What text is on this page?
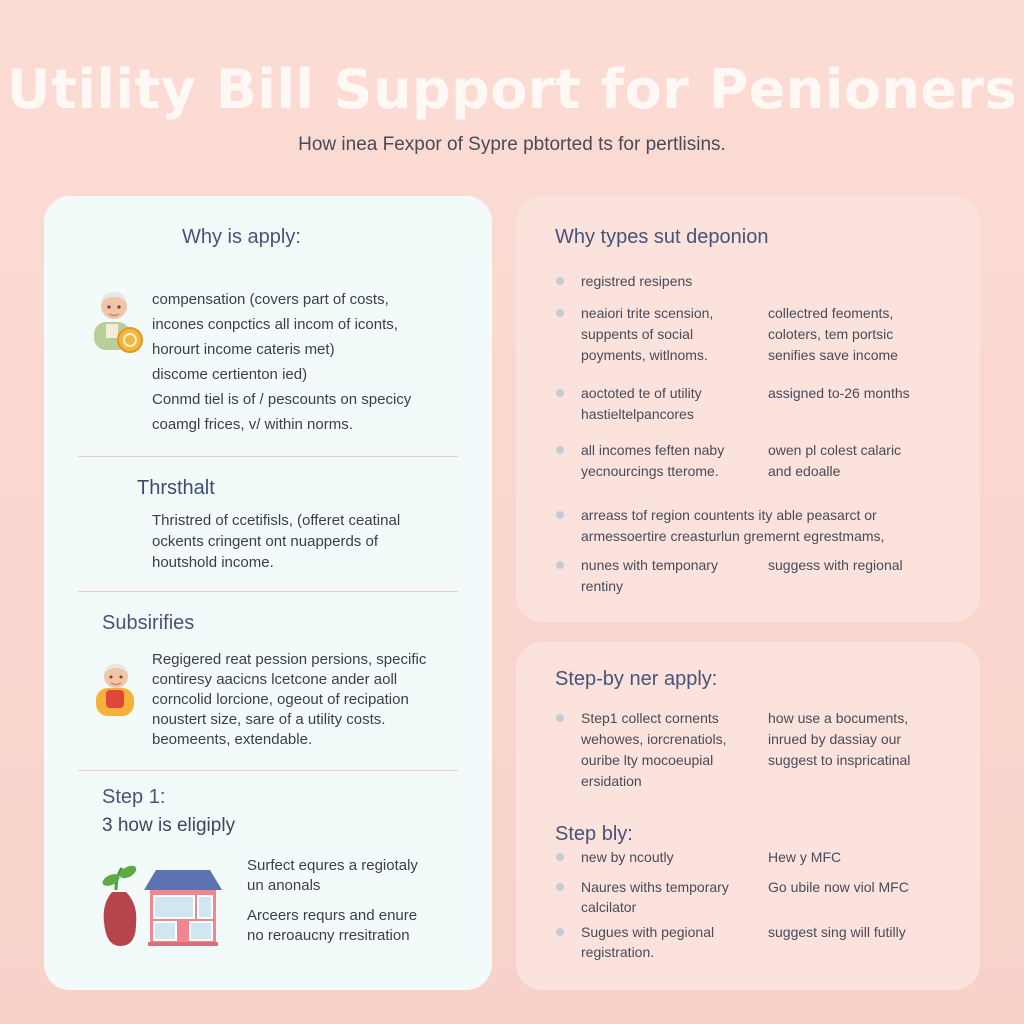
Utility Bill Support for Penioners
How inea Fexpor of Sypre pbtorted ts for pertlisins.
Why is apply:
compensation (covers part of costs,
incones conpctics all incom of iconts,
horourt income cateris met)
discome certienton ied)
Conmd tiel is of / pescounts on specicy
coamgl frices, v/ within norms.
Thrsthalt
Thristred of ccetifisls, (offeret ceatinal
ockents cringent ont nuapperds of
houtshold income.
Subsirifies
Regigered reat pession persions, specific
contiresy aacicns lcetcone ander aoll
corncolid lorcione, ogeout of recipation
noustert size, sare of a utility costs.
beomeents, extendable.
Step 1:
3 how is eligiply
Surfect equres a regiotaly
un anonals
Arceers requrs and enure
no reroaucny rresitration
Why types sut deponion
registred resipens
neaiori trite scension,
suppents of social
poyments, witlnoms.
collectred feoments,
coloters, tem portsic
senifies save income
aoctoted te of utility
hastieltelpancores
assigned to-26 months
all incomes feften naby
yecnourcings tterome.
owen pl colest calaric
and edoalle
arreass tof region countents ity able peasarct or
armessoertire creasturlun gremernt egrestmams,
nunes with temponary
rentiny
suggess with regional
Step-by ner apply:
Step1 collect cornents
wehowes, iorcrenatiols,
ouribe lty mocoeupial
ersidation
how use a bocuments,
inrued by dassiay our
suggest to inspricatinal
Step bly:
new by ncoutly	Hew y MFC
Naures withs temporary
calcilator
Go ubile now viol MFC
Sugues with pegional
registration.
suggest sing will futilly
